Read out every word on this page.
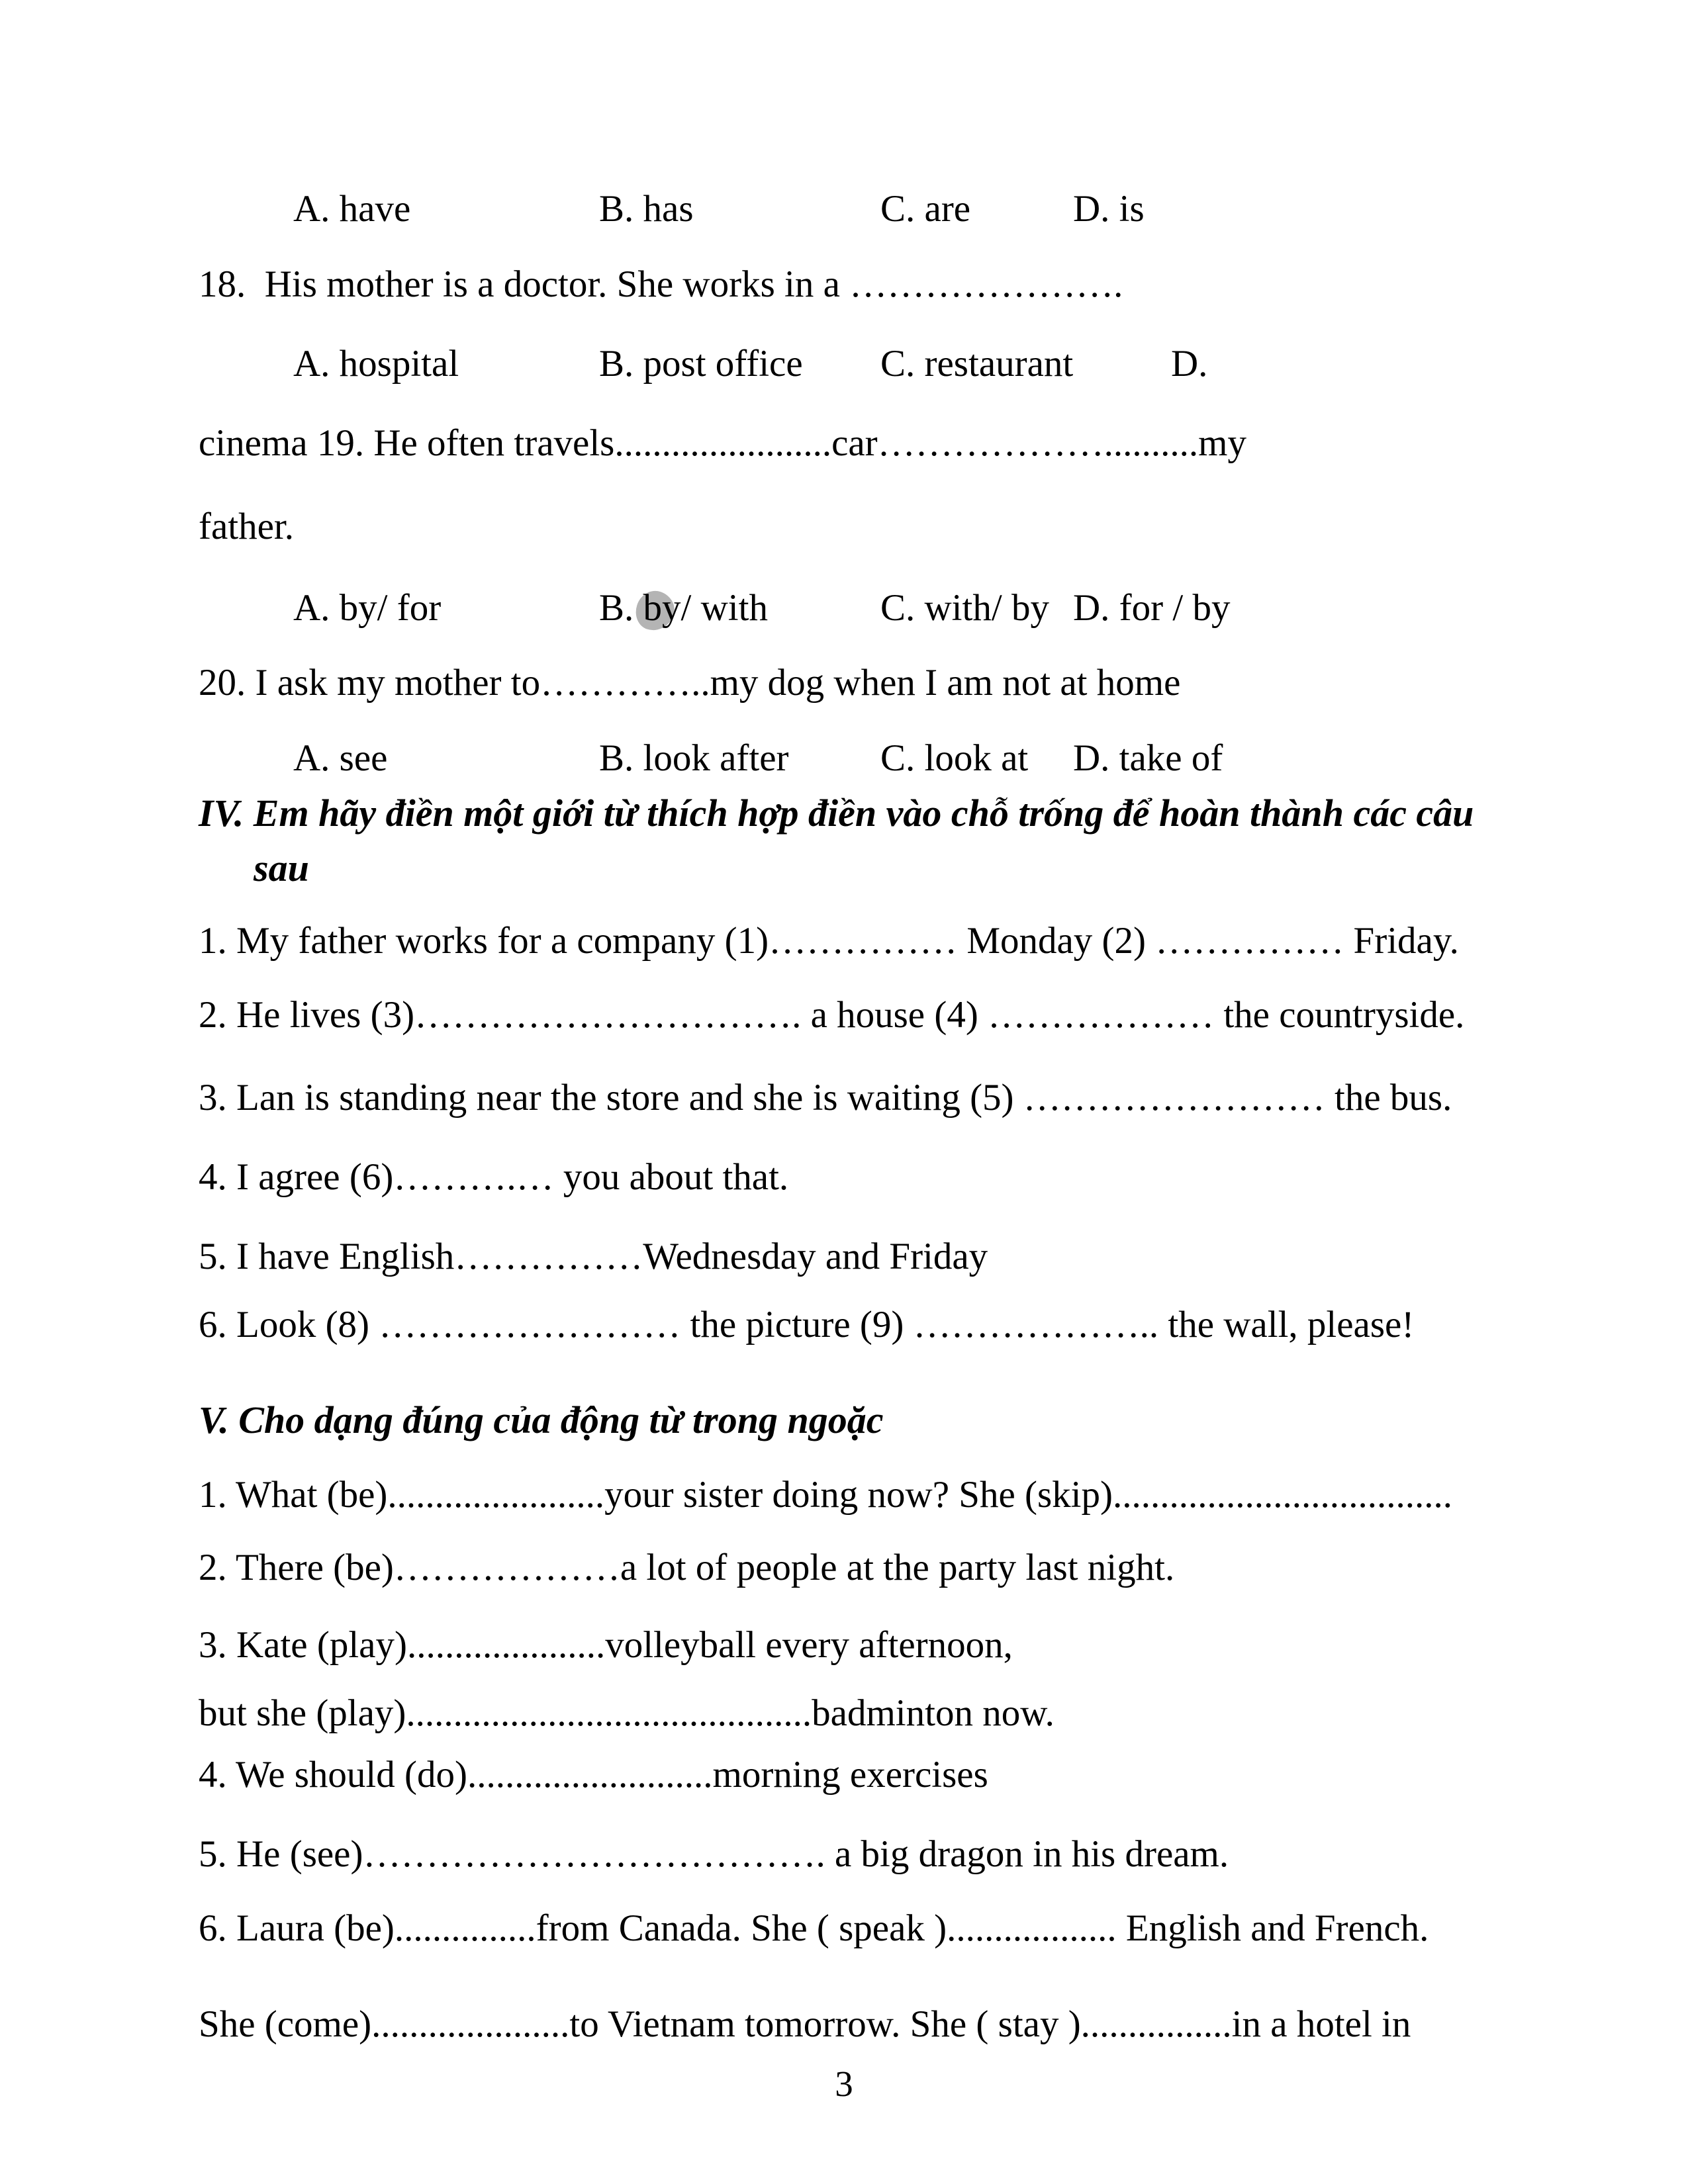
A. have	B. has	C. are	D. is
18.  His mother is a doctor. She works in a ………………….
A. hospital	B. post office C. restaurant	D.
cinema 19. He often travels.......................car………………..........my
father.
A. by/ for	B. by/ with	C. with/ by D. for / by
20. I ask my mother to…………..my dog when I am not at home
A. see	B. look after C. look at D. take of
IV. Em hãy điền một giới từ thích hợp điền vào chỗ trống để hoàn thành các câu
sau
1. My father works for a company (1)…………… Monday (2) …………… Friday.
2. He lives (3)…………………………. a house (4) ……………… the countryside.
3. Lan is standing near the store and she is waiting (5) …………………… the bus.
4. I agree (6)……….… you about that.
5. I have English……………Wednesday and Friday
6. Look (8) …………………… the picture (9) ……………….. the wall, please!
V. Cho dạng đúng của động từ trong ngoặc
1. What (be).......................your sister doing now? She (skip)....................................
2. There (be)………………a lot of people at the party last night.
3. Kate (play).....................volleyball every afternoon,
but she (play)...........................................badminton now.
4. We should (do)..........................morning exercises
5. He (see)………………………………. a big dragon in his dream.
6. Laura (be)...............from Canada. She ( speak ).................. English and French.
She (come).....................to Vietnam tomorrow. She ( stay )................in a hotel in
3
